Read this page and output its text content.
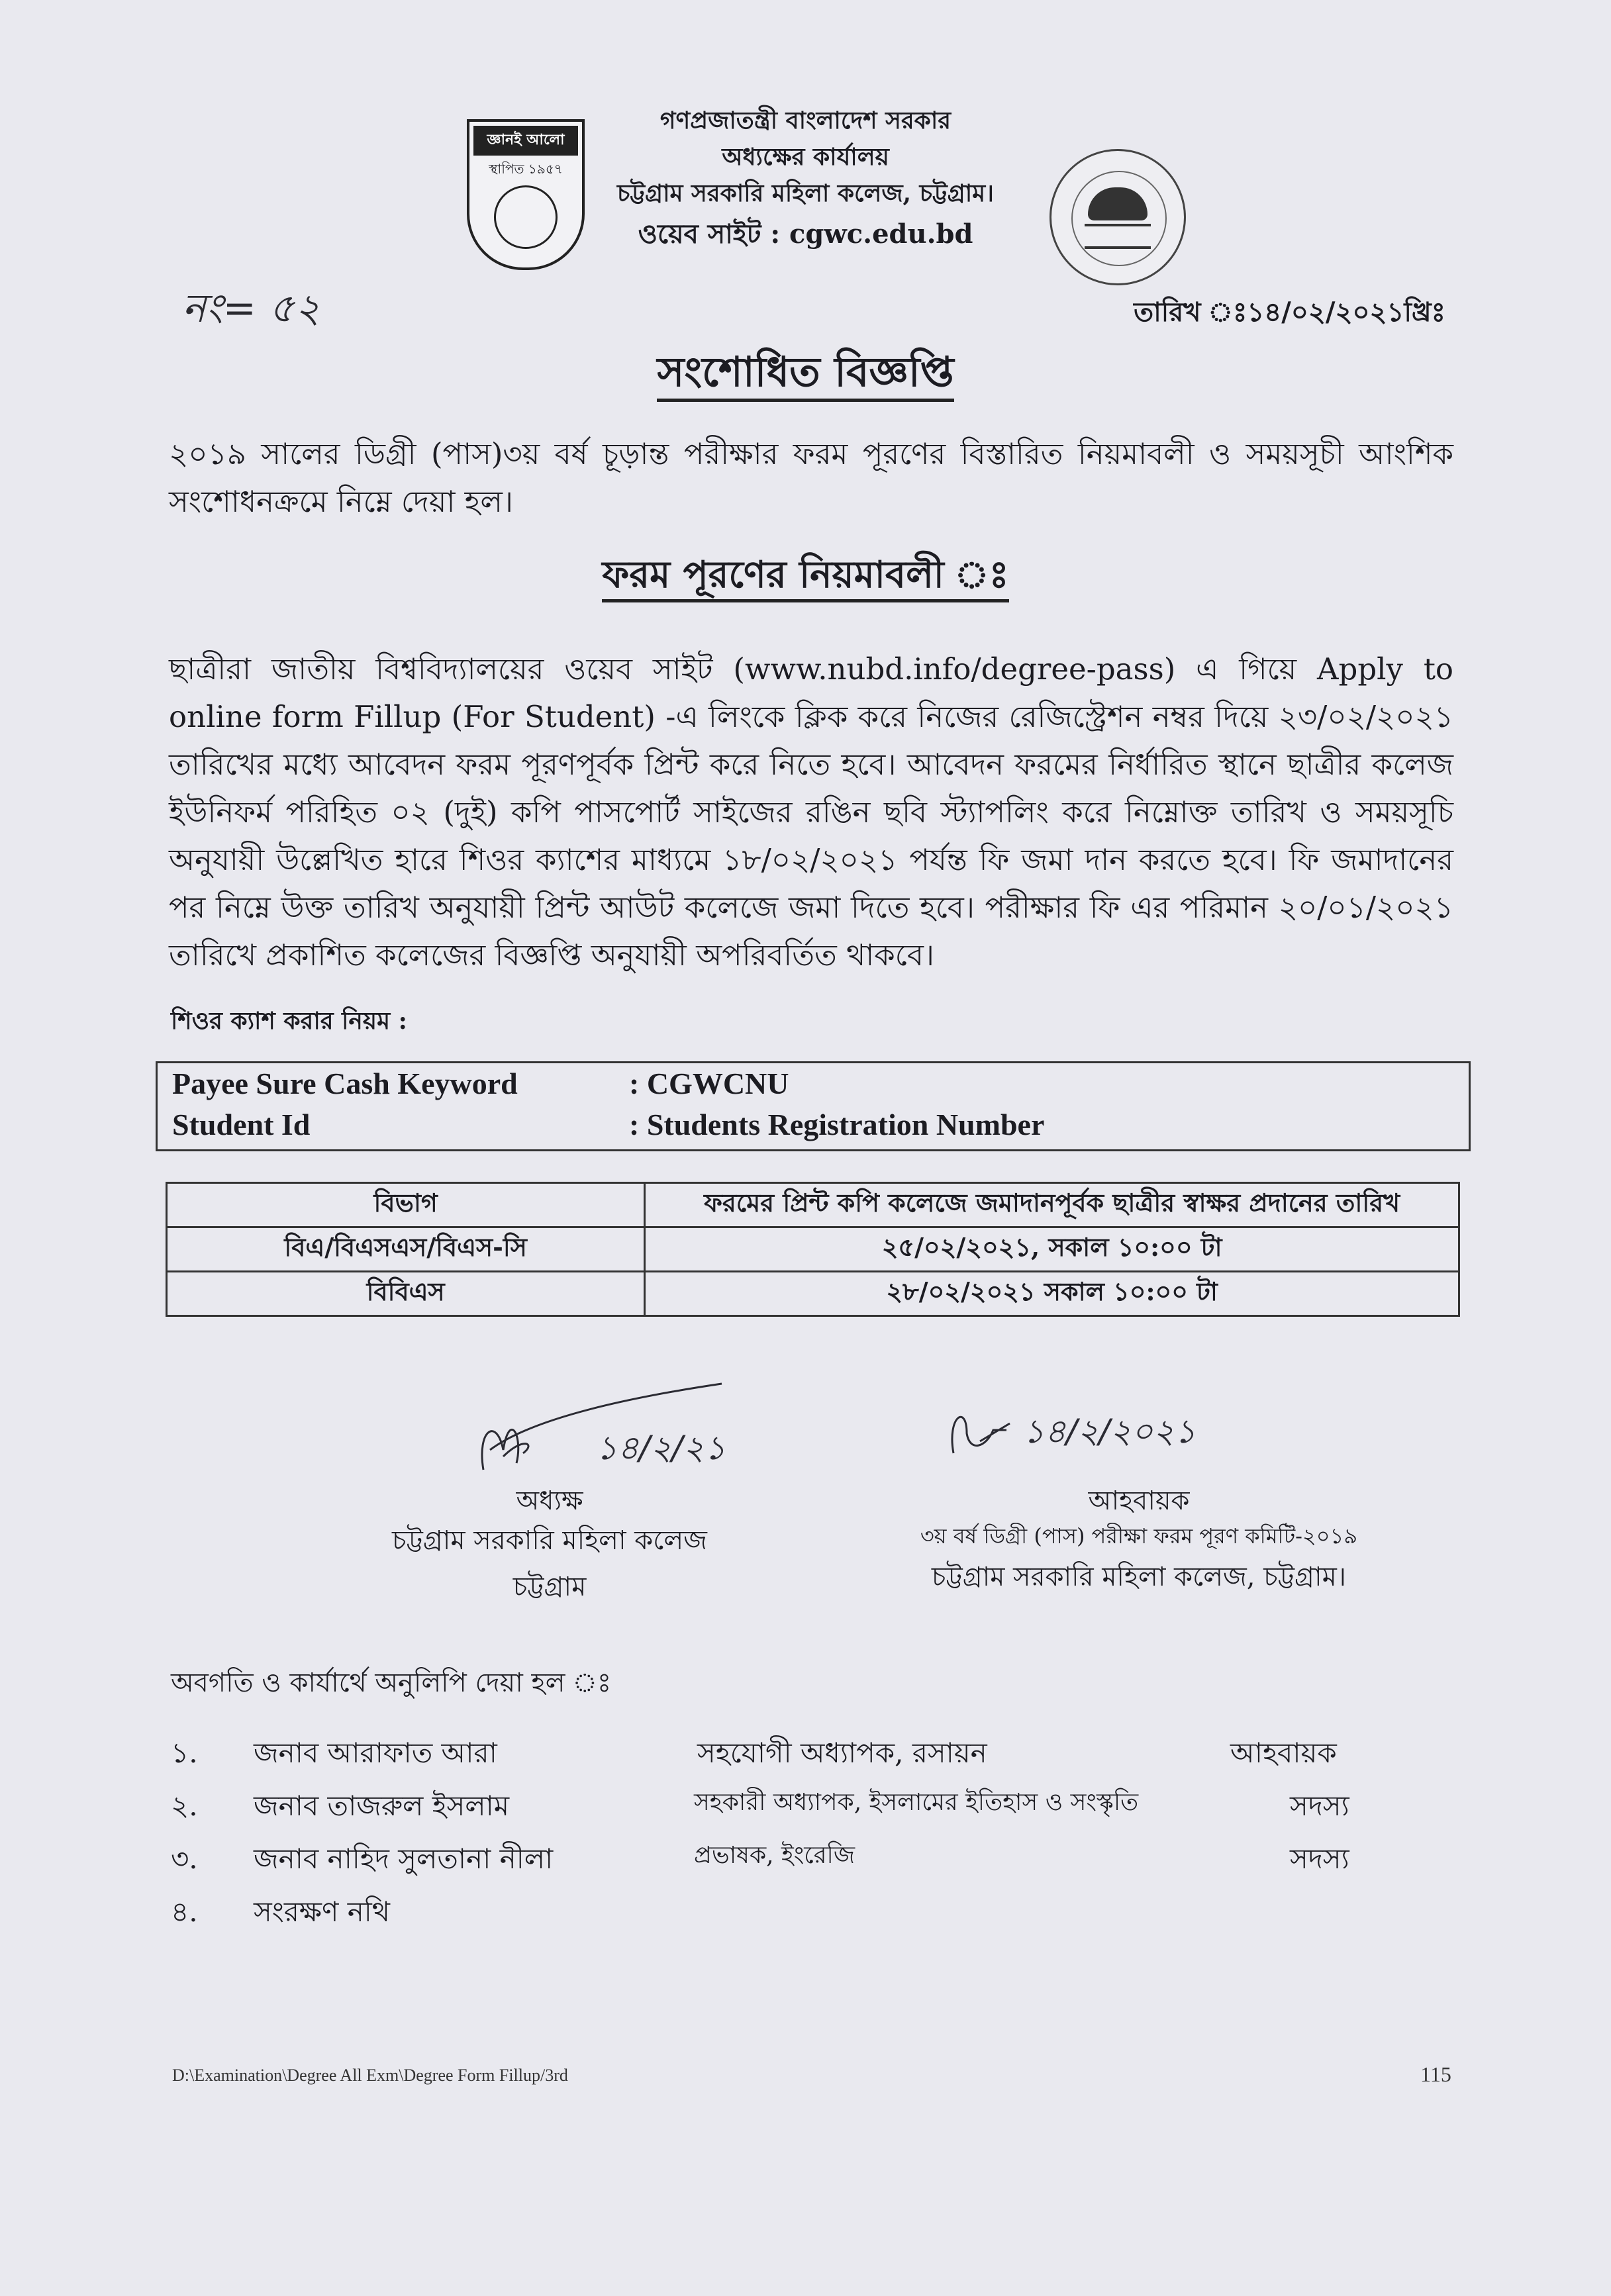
জ্ঞানই আলো
স্থাপিত ১৯৫৭
গণপ্রজাতন্ত্রী বাংলাদেশ সরকার
অধ্যক্ষের কার্যালয়
চট্টগ্রাম সরকারি মহিলা কলেজ, চট্টগ্রাম।
ওয়েব সাইট : cgwc.edu.bd
নং= ৫২	তারিখ ঃ১৪/০২/২০২১খ্রিঃ
সংশোধিত বিজ্ঞপ্তি
২০১৯ সালের ডিগ্রী (পাস)৩য় বর্ষ চূড়ান্ত পরীক্ষার ফরম পূরণের বিস্তারিত নিয়মাবলী ও সময়সূচী আংশিক সংশোধনক্রমে নিম্নে দেয়া হল।
ফরম পূরণের নিয়মাবলী ঃ
ছাত্রীরা জাতীয় বিশ্ববিদ্যালয়ের ওয়েব সাইট (www.nubd.info/degree-pass) এ গিয়ে Apply to online form Fillup (For Student) -এ লিংকে ক্লিক করে নিজের রেজিস্ট্রেশন নম্বর দিয়ে ২৩/০২/২০২১ তারিখের মধ্যে আবেদন ফরম পূরণপূর্বক প্রিন্ট করে নিতে হবে। আবেদন ফরমের নির্ধারিত স্থানে ছাত্রীর কলেজ ইউনিফর্ম পরিহিত ০২ (দুই) কপি পাসপোর্ট সাইজের রঙিন ছবি স্ট্যাপলিং করে নিম্নোক্ত তারিখ ও সময়সূচি অনুযায়ী উল্লেখিত হারে শিওর ক্যাশের মাধ্যমে ১৮/০২/২০২১ পর্যন্ত ফি জমা দান করতে হবে। ফি জমাদানের পর নিম্নে উক্ত তারিখ অনুযায়ী প্রিন্ট আউট কলেজে জমা দিতে হবে। পরীক্ষার ফি এর পরিমান ২০/০১/২০২১ তারিখে প্রকাশিত কলেজের বিজ্ঞপ্তি অনুযায়ী অপরিবর্তিত থাকবে।
শিওর ক্যাশ করার নিয়ম :
Payee Sure Cash Keyword	: CGWCNU
Student Id	: Students Registration Number
বিভাগ	ফরমের প্রিন্ট কপি কলেজে জমাদানপূর্বক ছাত্রীর স্বাক্ষর প্রদানের তারিখ
বিএ/বিএসএস/বিএস-সি	২৫/০২/২০২১, সকাল ১০:০০ টা
বিবিএস	২৮/০২/২০২১ সকাল ১০:০০ টা
১৪/২/২১	১৪/২/২০২১
অধ্যক্ষ
চট্টগ্রাম সরকারি মহিলা কলেজ
চট্টগ্রাম
আহবায়ক
৩য় বর্ষ ডিগ্রী (পাস) পরীক্ষা ফরম পূরণ কমিটি-২০১৯
চট্টগ্রাম সরকারি মহিলা কলেজ, চট্টগ্রাম।
অবগতি ও কার্যার্থে অনুলিপি দেয়া হল ঃ
১. জনাব আরাফাত আরা	সহযোগী অধ্যাপক, রসায়ন	আহবায়ক
২. জনাব তাজরুল ইসলাম	সহকারী অধ্যাপক, ইসলামের ইতিহাস ও সংস্কৃতি	সদস্য
৩. জনাব নাহিদ সুলতানা নীলা	প্রভাষক, ইংরেজি	সদস্য
৪. সংরক্ষণ নথি
D:\Examination\Degree All Exm\Degree Form Fillup/3rd	115
